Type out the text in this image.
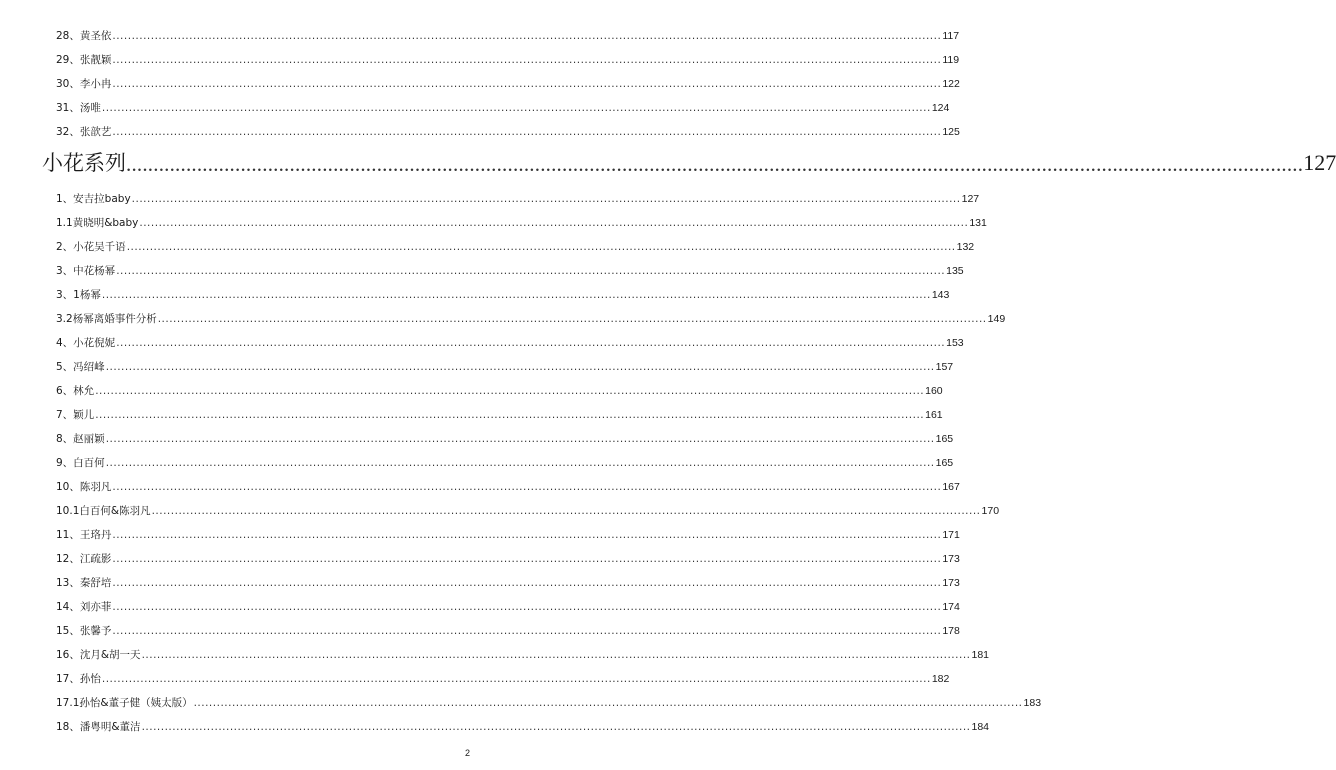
28、黄圣依 ........................................................................................................................................................................................................................ 117
29、张靓颖 ........................................................................................................................................................................................................................ 119
30、李小冉 ........................................................................................................................................................................................................................ 122
31、汤唯 ........................................................................................................................................................................................................................ 124
32、张歆艺 ........................................................................................................................................................................................................................ 125
小花系列 ........................................................................................................................................................................................................................ 127
1、安吉拉baby ........................................................................................................................................................................................................................ 127
1.1黄晓明&baby ........................................................................................................................................................................................................................ 131
2、小花吴千语 ........................................................................................................................................................................................................................ 132
3、中花杨幂 ........................................................................................................................................................................................................................ 135
3、1杨幂 ........................................................................................................................................................................................................................ 143
3.2杨幂离婚事件分析 ........................................................................................................................................................................................................................ 149
4、小花倪妮 ........................................................................................................................................................................................................................ 153
5、冯绍峰 ........................................................................................................................................................................................................................ 157
6、林允 ........................................................................................................................................................................................................................ 160
7、颖儿 ........................................................................................................................................................................................................................ 161
8、赵丽颖 ........................................................................................................................................................................................................................ 165
9、白百何 ........................................................................................................................................................................................................................ 165
10、陈羽凡 ........................................................................................................................................................................................................................ 167
10.1白百何&陈羽凡 ........................................................................................................................................................................................................................ 170
11、王珞丹 ........................................................................................................................................................................................................................ 171
12、江疏影 ........................................................................................................................................................................................................................ 173
13、秦舒培 ........................................................................................................................................................................................................................ 173
14、刘亦菲 ........................................................................................................................................................................................................................ 174
15、张馨予 ........................................................................................................................................................................................................................ 178
16、沈月&胡一天 ........................................................................................................................................................................................................................ 181
17、孙怡 ........................................................................................................................................................................................................................ 182
17.1孙怡&董子健（姨太版） ........................................................................................................................................................................................................................ 183
18、潘粤明&董洁 ........................................................................................................................................................................................................................ 184
2
